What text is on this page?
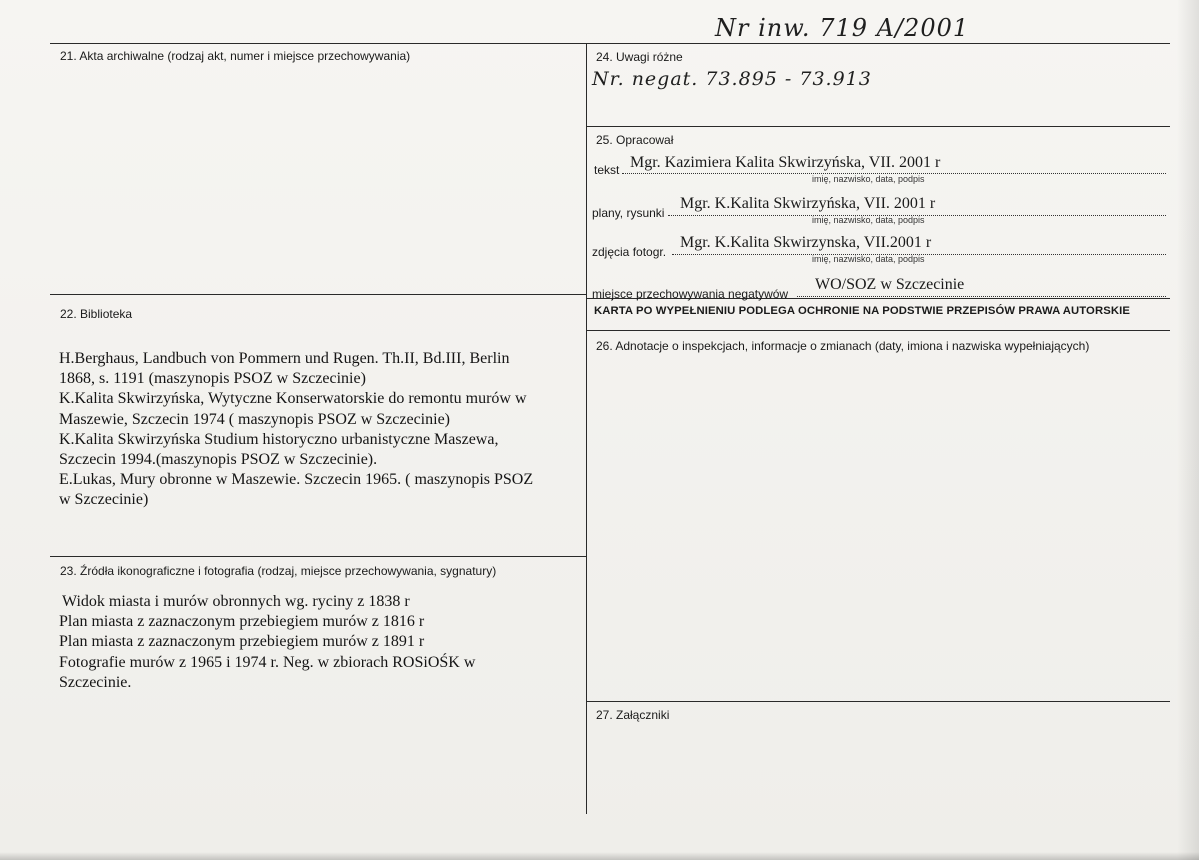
Nr inw. 719 A/2001
21. Akta archiwalne (rodzaj akt, numer i miejsce przechowywania)
22. Biblioteka
H.Berghaus, Landbuch von Pommern und Rugen. Th.II, Bd.III, Berlin
1868, s. 1191 (maszynopis PSOZ w Szczecinie)
K.Kalita Skwirzyńska, Wytyczne Konserwatorskie do remontu murów w
Maszewie, Szczecin 1974 ( maszynopis PSOZ w Szczecinie)
K.Kalita Skwirzyńska Studium historyczno urbanistyczne Maszewa,
Szczecin 1994.(maszynopis PSOZ w Szczecinie).
E.Lukas, Mury obronne w Maszewie. Szczecin 1965. ( maszynopis PSOZ
w Szczecinie)
23. Źródła ikonograficzne i fotografia (rodzaj, miejsce przechowywania, sygnatury)
Widok miasta i murów obronnych wg. ryciny z 1838 r
Plan miasta z zaznaczonym przebiegiem murów z 1816 r
Plan miasta z zaznaczonym przebiegiem murów z 1891 r
Fotografie murów z 1965 i 1974 r. Neg. w zbiorach ROSiOŚK w
Szczecinie.
24. Uwagi różne
Nr. negat. 73.895 - 73.913
25. Opracował
tekst Mgr. Kazimiera Kalita Skwirzyńska, VII. 2001 r
imię, nazwisko, data, podpis
plany, rysunki
Mgr. K.Kalita Skwirzyńska, VII. 2001 r
imię, nazwisko, data, podpis
zdjęcia fotogr.
Mgr. K.Kalita Skwirzynska, VII.2001 r
imię, nazwisko, data, podpis
miejsce przechowywania negatywów
WO/SOZ w Szczecinie
KARTA PO WYPEŁNIENIU PODLEGA OCHRONIE NA PODSTWIE PRZEPISÓW PRAWA AUTORSKIE
26. Adnotacje o inspekcjach, informacje o zmianach (daty, imiona i nazwiska wypełniających)
27. Załączniki
